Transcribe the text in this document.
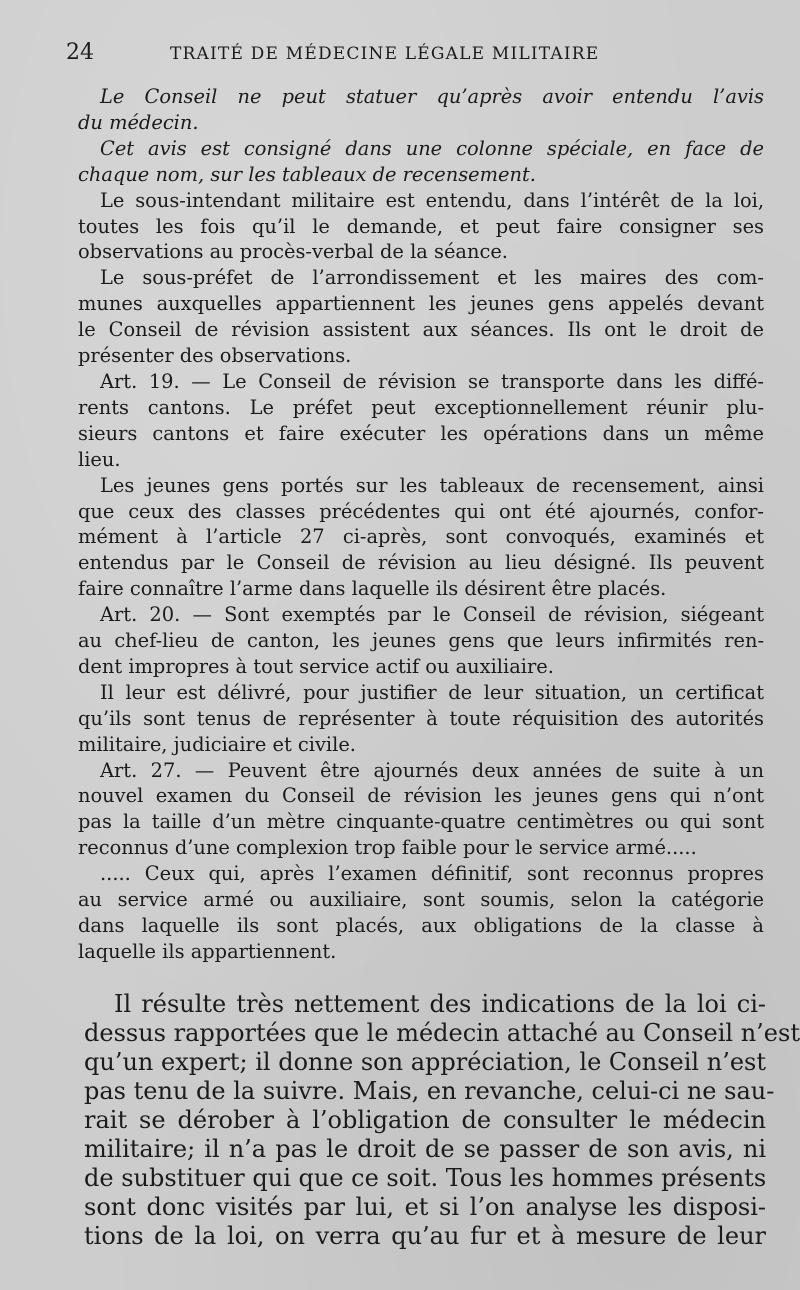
24	TRAITÉ DE MÉDECINE LÉGALE MILITAIRE
Le Conseil ne peut statuer qu’après avoir entendu l’avis
du médecin.
Cet avis est consigné dans une colonne spéciale, en face de
chaque nom, sur les tableaux de recensement.
Le sous-intendant militaire est entendu, dans l’intérêt de la loi,
toutes les fois qu’il le demande, et peut faire consigner ses
observations au procès-verbal de la séance.
Le sous-préfet de l’arrondissement et les maires des com-
munes auxquelles appartiennent les jeunes gens appelés devant
le Conseil de révision assistent aux séances. Ils ont le droit de
présenter des observations.
Art. 19. — Le Conseil de révision se transporte dans les diffé-
rents cantons. Le préfet peut exceptionnellement réunir plu-
sieurs cantons et faire exécuter les opérations dans un même
lieu.
Les jeunes gens portés sur les tableaux de recensement, ainsi
que ceux des classes précédentes qui ont été ajournés, confor-
mément à l’article 27 ci-après, sont convoqués, examinés et
entendus par le Conseil de révision au lieu désigné. Ils peuvent
faire connaître l’arme dans laquelle ils désirent être placés.
Art. 20. — Sont exemptés par le Conseil de révision, siégeant
au chef-lieu de canton, les jeunes gens que leurs infirmités ren-
dent impropres à tout service actif ou auxiliaire.
Il leur est délivré, pour justifier de leur situation, un certificat
qu’ils sont tenus de représenter à toute réquisition des autorités
militaire, judiciaire et civile.
Art. 27. — Peuvent être ajournés deux années de suite à un
nouvel examen du Conseil de révision les jeunes gens qui n’ont
pas la taille d’un mètre cinquante-quatre centimètres ou qui sont
reconnus d’une complexion trop faible pour le service armé.....
..... Ceux qui, après l’examen définitif, sont reconnus propres
au service armé ou auxiliaire, sont soumis, selon la catégorie
dans laquelle ils sont placés, aux obligations de la classe à
laquelle ils appartiennent.
Il résulte très nettement des indications de la loi ci-
dessus rapportées que le médecin attaché au Conseil n’est
qu’un expert; il donne son appréciation, le Conseil n’est
pas tenu de la suivre. Mais, en revanche, celui-ci ne sau-
rait se dérober à l’obligation de consulter le médecin
militaire; il n’a pas le droit de se passer de son avis, ni
de substituer qui que ce soit. Tous les hommes présents
sont donc visités par lui, et si l’on analyse les disposi-
tions de la loi, on verra qu’au fur et à mesure de leur
